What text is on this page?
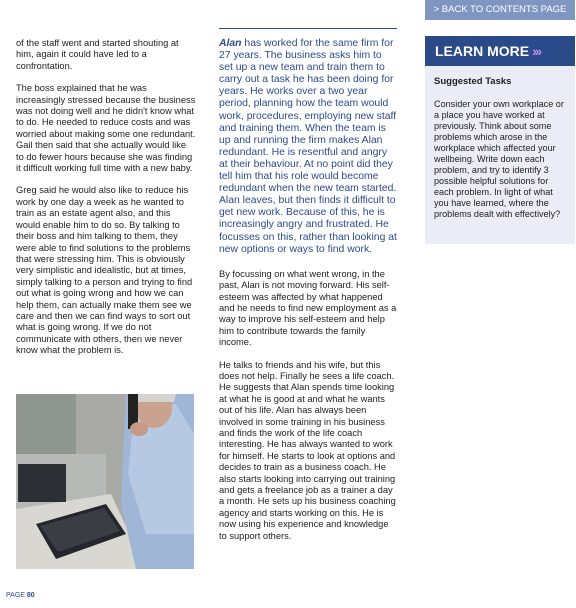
> BACK TO CONTENTS PAGE

of the staff went and started shouting at him, again it could have led to a confrontation.

The boss explained that he was increasingly stressed because the business was not doing well and he didn't know what to do. He needed to reduce costs and was worried about making some one redundant. Gail then said that she actually would like to do fewer hours because she was finding it difficult working full time with a new baby.

Greg said he would also like to reduce his work by one day a week as he wanted to train as an estate agent also, and this would enable him to do so. By talking to their boss and him talking to them, they were able to find solutions to the problems that were stressing him. This is obviously very simplistic and idealistic, but at times, simply talking to a person and trying to find out what is going wrong and how we can help them, can actually make them see we care and then we can find ways to sort out what is going wrong. If we do not communicate with others, then we never know what the problem is.

Alan has worked for the same firm for 27 years. The business asks him to set up a new team and train them to carry out a task he has been doing for years. He works over a two year period, planning how the team would work, procedures, employing new staff and training them. When the team is up and running the firm makes Alan redundant. He is resentful and angry at their behaviour. At no point did they tell him that his role would become redundant when the new team started. Alan leaves, but then finds it difficult to get new work. Because of this, he is increasingly angry and frustrated. He focusses on this, rather than looking at new options or ways to find work.

By focussing on what went wrong, in the past, Alan is not moving forward. His self-esteem was affected by what happened and he needs to find new employment as a way to improve his self-esteem and help him to contribute towards the family income.

He talks to friends and his wife, but this does not help. Finally he sees a life coach. He suggests that Alan spends time looking at what he is good at and what he wants out of his life. Alan has always been involved in some training in his business and finds the work of the life coach interesting. He has always wanted to work for himself. He starts to look at options and decides to train as a business coach. He also starts looking into carrying out training and gets a freelance job as a trainer a day a month. He sets up his business coaching agency and starts working on this. He is now using his experience and knowledge to support others.

LEARN MORE ›››
Suggested Tasks
Consider your own workplace or a place you have worked at previously. Think about some problems which arose in the workplace which affected your wellbeing. Write down each problem, and try to identify 3 possible helpful solutions for each problem. In light of what you have learned, where the problems dealt with effectively?
PAGE 80
